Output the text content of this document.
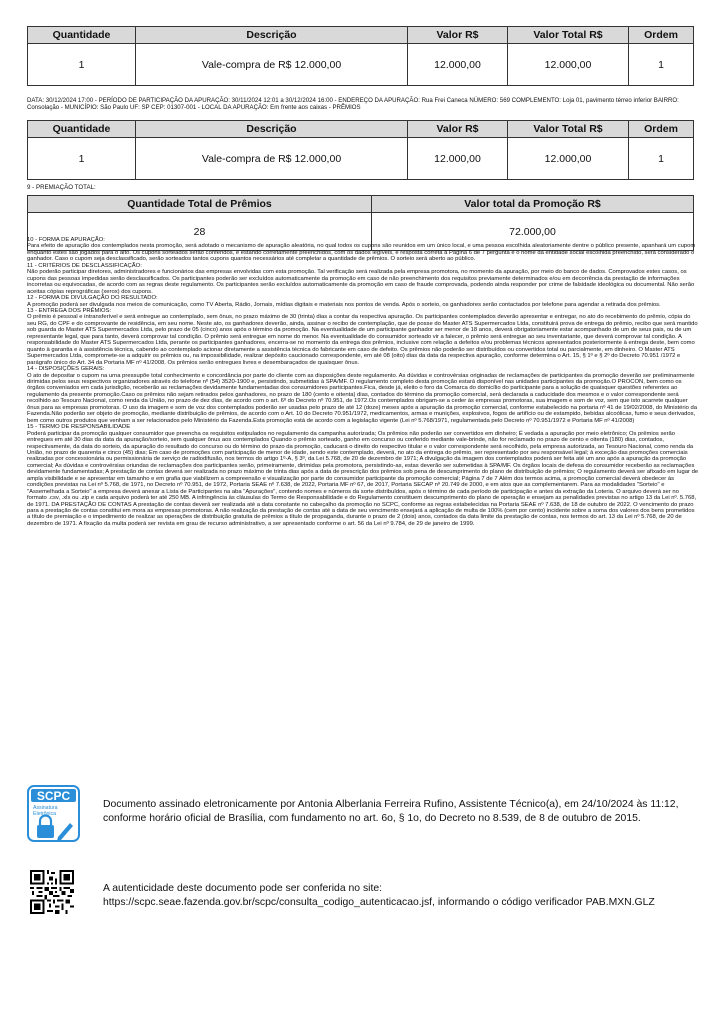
Quantidade	Descrição	Valor R$	Valor Total R$	Ordem
1	Vale-compra de R$ 12.000,00	12.000,00	12.000,00	1
DATA: 30/12/2024 17:00 - PERÍODO DE PARTICIPAÇÃO DA APURAÇÃO: 30/11/2024 12:01 a 30/12/2024 16:00 - ENDEREÇO DA APURAÇÃO: Rua Frei Caneca NÚMERO: 569 COMPLEMENTO: Loja 01, pavimento térreo inferior BAIRRO: Consolação - MUNICÍPIO: São Paulo UF: SP CEP: 01307-001 - LOCAL DA APURAÇÃO: Em frente aos caixas - PRÊMIOS
Quantidade	Descrição	Valor R$	Valor Total R$	Ordem
1	Vale-compra de R$ 12.000,00	12.000,00	12.000,00	1
9 - PREMIAÇÃO TOTAL:
Quantidade Total de Prêmios	Valor total da Promoção R$
28	72.000,00
10 - FORMA DE APURAÇÃO:
Para efeito de apuração dos contemplados nesta promoção, será adotado o mecanismo de apuração aleatória, no qual todos os cupons são reunidos em um único local, e uma pessoa escolhida aleatoriamente dentre o público presente, apanhará um cupom enquanto estes são jogados para o alto. Os cupons sorteados serão conferidos, e estando corretamente preenchidos, com os dados legíveis, e resposta correta à Página 6 de 7 pergunta e o nome da entidade social escolhida preenchido, será considerado o ganhador. Caso o cupom seja desclassificado, serão sorteados tantos cupons quantos necessários até completar a quantidade de prêmios. O sorteio será aberto ao público.
11 - CRITÉRIOS DE DESCLASSIFICAÇÃO:
Não poderão participar diretores, administradores e funcionários das empresas envolvidas com esta promoção. Tal verificação será realizada pela empresa promotora, no momento da apuração, por meio do banco de dados. Comprovados estes casos, os cupons das pessoas impedidas serão desclassificados. Os participantes poderão ser excluídos automaticamente da promoção em caso de não preenchimento dos requisitos previamente determinados e/ou em decorrência da prestação de informações incorretas ou equivocadas, de acordo com as regras deste regulamento. Os participantes serão excluídos automaticamente da promoção em caso de fraude comprovada, podendo ainda responder por crime de falsidade ideológica ou documental. Não serão aceitas cópias reprográficas (xerox) dos cupons.
12 - FORMA DE DIVULGAÇÃO DO RESULTADO:
A promoção poderá ser divulgada nos meios de comunicação, como TV Aberta, Rádio, Jornais, mídias digitais e materiais nos pontos de venda. Após o sorteio, os ganhadores serão contactados por telefone para agendar a retirada dos prêmios.
13 - ENTREGA DOS PRÊMIOS:
O prêmio é pessoal e intransferível e será entregue ao contemplado, sem ônus, no prazo máximo de 30 (trinta) dias a contar da respectiva apuração. Os participantes contemplados deverão apresentar e entregar, no ato do recebimento do prêmio, cópia do seu RG, do CPF e do comprovante de residência, em seu nome. Neste ato, os ganhadores deverão, ainda, assinar o recibo de contemplação, que de posse do Master ATS Supermercados Ltda, constituirá prova de entrega do prêmio, recibo que será mantido sob guarda do Master ATS Supermercados Ltda, pelo prazo de 05 (cinco) anos após o término da promoção. Na eventualidade de um participante ganhador ser menor de 18 anos, deverá obrigatoriamente estar acompanhado de um de seus pais, ou de um representante legal, que para tanto, deverá comprovar tal condição. O prêmio será entregue em nome do menor. Na eventualidade do consumidor sorteado vir a falecer, o prêmio será entregue ao seu inventariante, que deverá comprovar tal condição. A responsabilidade do Master ATS Supermercados Ltda, perante os participantes ganhadores, encerra-se no momento da entrega dos prêmios, inclusive com relação a defeitos e/ou problemas técnicos apresentados posteriormente à entrega deste, bem como quanto à garantia e à assistência técnica, cabendo ao contemplado acionar diretamente a assistência técnica do fabricante em caso de defeito. Os prêmios não poderão ser distribuídos ou convertidos total ou parcialmente, em dinheiro. O Master ATS Supermercados Ltda, compromete-se a adquirir os prêmios ou, na impossibilidade, realizar depósito caucionado correspondente, em até 08 (oito) dias da data da respectiva apuração, conforme determina o Art. 15, § 1º e § 2º do Decreto 70.951 /1972 e parágrafo único do Art. 34 da Portaria MF nº 41/2008. Os prêmios serão entregues livres e desembaraçados de quaisquer ônus.
14 - DISPOSIÇÕES GERAIS:
O ato de depositar o cupom na urna pressupõe total conhecimento e concordância por parte do cliente com as disposições deste regulamento. As dúvidas e controvérsias originadas de reclamações de participantes da promoção deverão ser preliminarmente dirimidas pelos seus respectivos organizadores através do telefone nº (54) 3520-1900 e, persistindo, submetidas à SPA/MF. O regulamento completo desta promoção estará disponível nas unidades participantes da promoção.O PROCON, bem como os órgãos conveniados em cada jurisdição, receberão as reclamações devidamente fundamentadas dos consumidores participantes.Fica, desde já, eleito o foro da Comarca do domicílio do participante para a solução de quaisquer questões referentes ao regulamento da presente promoção.Caso os prêmios não sejam retirados pelos ganhadores, no prazo de 180 (cento e oitenta) dias, contados do término da promoção comercial, será declarada a caducidade dos mesmos e o valor correspondente será recolhido ao Tesouro Nacional, como renda da União, no prazo de dez dias, de acordo com o art. 6º do Decreto nº 70.951, de 1972.Os contemplados obrigam-se a ceder às empresas promotoras, sua imagem e som de voz, sem que isto acarrete qualquer ônus para as empresas promotoras. O uso da imagem e som de voz dos contemplados poderão ser usadas pelo prazo de até 12 (doze) meses após a apuração da promoção comercial, conforme estabelecido na portaria nº 41 de 19/02/2008, do Ministério da Fazenda.Não poderão ser objeto de promoção, mediante distribuição de prêmios, de acordo com o Art. 10 do Decreto 70.951/1972, medicamentos, armas e munições, explosivos, fogos de artifício ou de estampido, bebidas alcoólicas, fumo e seus derivados, bem como outros produtos que venham a ser relacionados pelo Ministério da Fazenda.Esta promoção está de acordo com a legislação vigente (Lei nº 5.768/1971, regulamentada pelo Decreto nº 70.951/1972 e Portaria MF nº 41/2008)
15 - TERMO DE RESPONSABILIDADE
Poderá participar da promoção qualquer consumidor que preencha os requisitos estipulados no regulamento da campanha autorizada; Os prêmios não poderão ser convertidos em dinheiro; É vedada a apuração por meio eletrônico; Os prêmios serão entregues em até 30 dias da data da apuração/sorteio, sem qualquer ônus aos contemplados Quando o prêmio sorteado, ganho em concurso ou conferido mediante vale-brinde, não for reclamado no prazo de cento e oitenta (180) dias, contados, respectivamente, da data do sorteio, da apuração do resultado do concurso ou do término do prazo da promoção, caducará o direito do respectivo titular e o valor correspondente será recolhido, pela empresa autorizada, ao Tesouro Nacional, como renda da União, no prazo de quarenta e cinco (45) dias; Em caso de promoções com participação de menor de idade, sendo este contemplado, deverá, no ato da entrega do prêmio, ser representado por seu responsável legal; à exceção das promoções comerciais realizadas por concessionária ou permissionária de serviço de radiodifusão, nos termos do artigo 1º-A, § 3º, da Lei 5.768, de 20 de dezembro de 1971; A divulgação da imagem dos contemplados poderá ser feita até um ano após a apuração da promoção comercial; As dúvidas e controvérsias oriundas de reclamações dos participantes serão, primeiramente, dirimidas pela promotora, persistindo-as, estas deverão ser submetidas à SPA/MF. Os órgãos locais de defesa do consumidor receberão as reclamações devidamente fundamentadas; A prestação de contas deverá ser realizada no prazo máximo de trinta dias após a data de prescrição dos prêmios sob pena de descumprimento do plano de distribuição de prêmios; O regulamento deverá ser afixado em lugar de ampla visibilidade e se apresentar em tamanho e em grafia que viabilizem a compreensão e visualização por parte do consumidor participante da promoção comercial; Página 7 de 7 Além dos termos acima, a promoção comercial deverá obedecer às condições previstas na Lei nº 5.768, de 1971, no Decreto nº 70.951, de 1972, Portaria SEAE nº 7.638, de 2022, Portaria MF nº 67, de 2017, Portaria SECAP nº 20.749 de 2000, e em atos que as complementarem. Para as modalidades "Sorteio" e "Assemelhada a Sorteio" a empresa deverá anexar a Lista de Participantes na aba "Apurações", contendo nomes e números da sorte distribuídos, após o término de cada período de participação e antes da extração da Loteria. O arquivo deverá ser no formato .csv, .xls ou .zip e cada arquivo poderá ter até 250 MB. A infringência às cláusulas do Termo de Responsabilidade e do Regulamento constituem descumprimento do plano de operação e ensejam as penalidades previstas no artigo 13 da Lei nº. 5.768, de 1971. DA PRESTAÇÃO DE CONTAS A prestação de contas deverá ser realizada até a data constante no cabeçalho da promoção no SCPC, conforme as regras estabelecidas na Portaria SEAE nº 7.638, de 18 de outubro de 2022. O vencimento do prazo para a prestação de contas constitui em mora as empresas promotoras. A não realização da prestação de contas até a data de seu vencimento ensejará a aplicação de multa de 100% (cem por cento) incidente sobre a soma dos valores dos bens prometidos a título de premiação e o impedimento de realizar as operações de distribuição gratuita de prêmios a título de propaganda, durante o prazo de 2 (dois) anos, contados da data limite da prestação de contas, nos termos do art. 13 da Lei nº 5.768, de 20 de dezembro de 1971. A fixação da multa poderá ser revista em grau de recurso administrativo, a ser apresentado conforme o art. 56 da Lei nº 9.784, de 29 de janeiro de 1999.
SCPC
Assinatura
Eletrônica
Documento assinado eletronicamente por Antonia Alberlania Ferreira Rufino, Assistente Técnico(a), em 24/10/2024 às 11:12, conforme horário oficial de Brasília, com fundamento no art. 6o, § 1o, do Decreto no 8.539, de 8 de outubro de 2015.
A autenticidade deste documento pode ser conferida no site: https://scpc.seae.fazenda.gov.br/scpc/consulta_codigo_autenticacao.jsf, informando o código verificador PAB.MXN.GLZ
